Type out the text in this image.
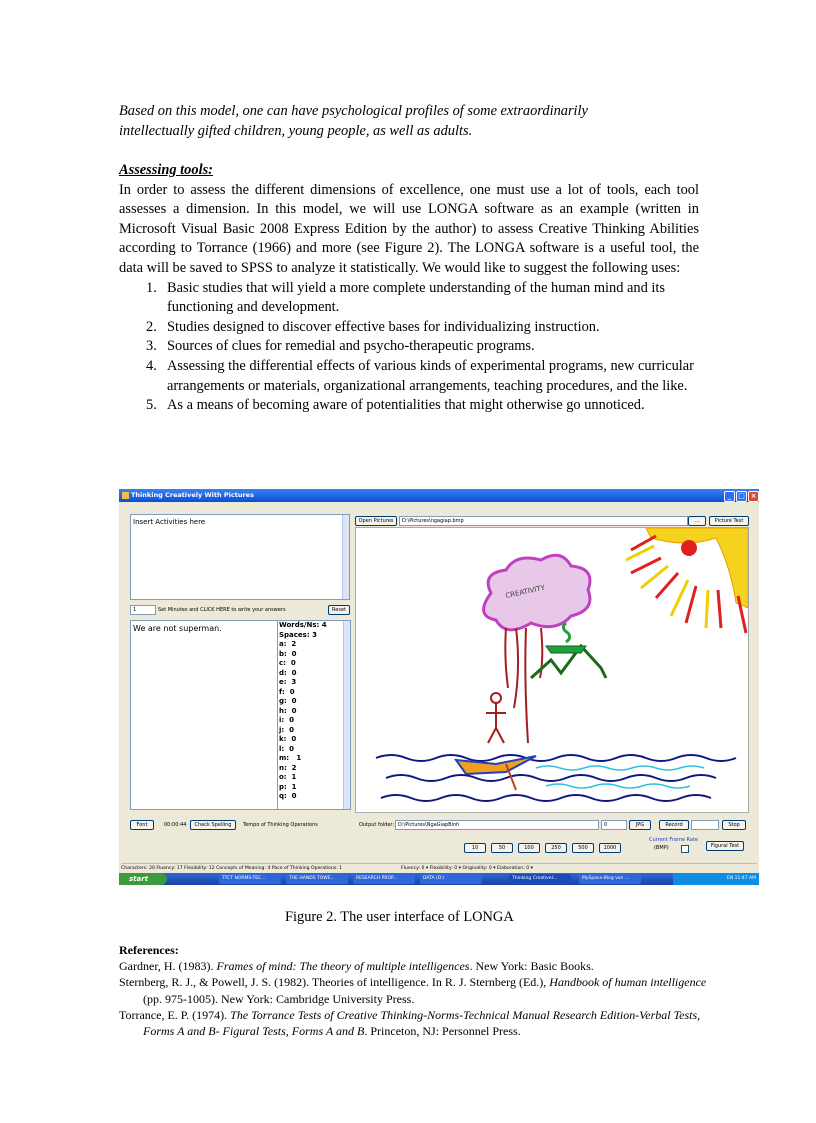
Based on this model, one can have psychological profiles of some extraordinarily
intellectually gifted children, young people, as well as adults.
Assessing tools:
In order to assess the different dimensions of excellence, one must use a lot of tools, each tool assesses a dimension. In this model, we will use LONGA software as an example (written in Microsoft Visual Basic 2008 Express Edition by the author) to assess Creative Thinking Abilities according to Torrance (1966) and more (see Figure 2). The LONGA software is a useful tool, the data will be saved to SPSS to analyze it statistically. We would like to suggest the following uses:
1. Basic studies that will yield a more complete understanding of the human mind and its functioning and development.
2. Studies designed to discover effective bases for individualizing instruction.
3. Sources of clues for remedial and psycho-therapeutic programs.
4. Assessing the differential effects of various kinds of experimental programs, new curricular arrangements or materials, organizational arrangements, teaching procedures, and the like.
5. As a means of becoming aware of potentialities that might otherwise go unnoticed.
Thinking Creatively With Pictures	_ □ ×
Insert Activities here
1	Set Minutes and CLICK HERE to write your answers	Reset
We are not superman.	Words/Ns: 4
Spaces: 3
a:  2
b:  0
c:  0
d:  0
e:  3
f:  0
g:  0
h:  0
i:  0
j:  0
k:  0
l:  0
m:   1
n:  2
o:  1
p:  1
q:  0
Font	00:00:44	Check Spelling	Tempo of Thinking Operations
Open Pictures	D:\Pictures\ngagiap.bmp	...	Picture Test
CREATIVITY
Output folder: D:\Pictures\NgaGiapBinh	0	JPG	Record	Stop
10	50	100	250	500	1000
Current Frame Rate
(BMP)	Figural Test
Characters: 20 Fluency: 17 Flexibility: 12 Concepts of Meaning: 4 Pace of Thinking Operations: 1	Fluency: 0 ▾ Flexibility: 0 ▾ Originality: 0 ▾ Elaboration: 0 ▾
start	TTCT NORMS-TEC...	THE HANDS TOWE...	RESEARCH PROP...	DATA (D:)	Thinking Creativel...	MySpace-Blog von ...	EN 11:47 AM
Figure 2. The user interface of LONGA
References:

Gardner, H. (1983). Frames of mind: The theory of multiple intelligences. New York: Basic Books.

Sternberg, R. J., & Powell, J. S. (1982). Theories of intelligence. In R. J. Sternberg (Ed.), Handbook of human intelligence (pp. 975-1005). New York: Cambridge University Press.

Torrance, E. P. (1974). The Torrance Tests of Creative Thinking-Norms-Technical Manual Research Edition-Verbal Tests, Forms A and B- Figural Tests, Forms A and B. Princeton, NJ: Personnel Press.
